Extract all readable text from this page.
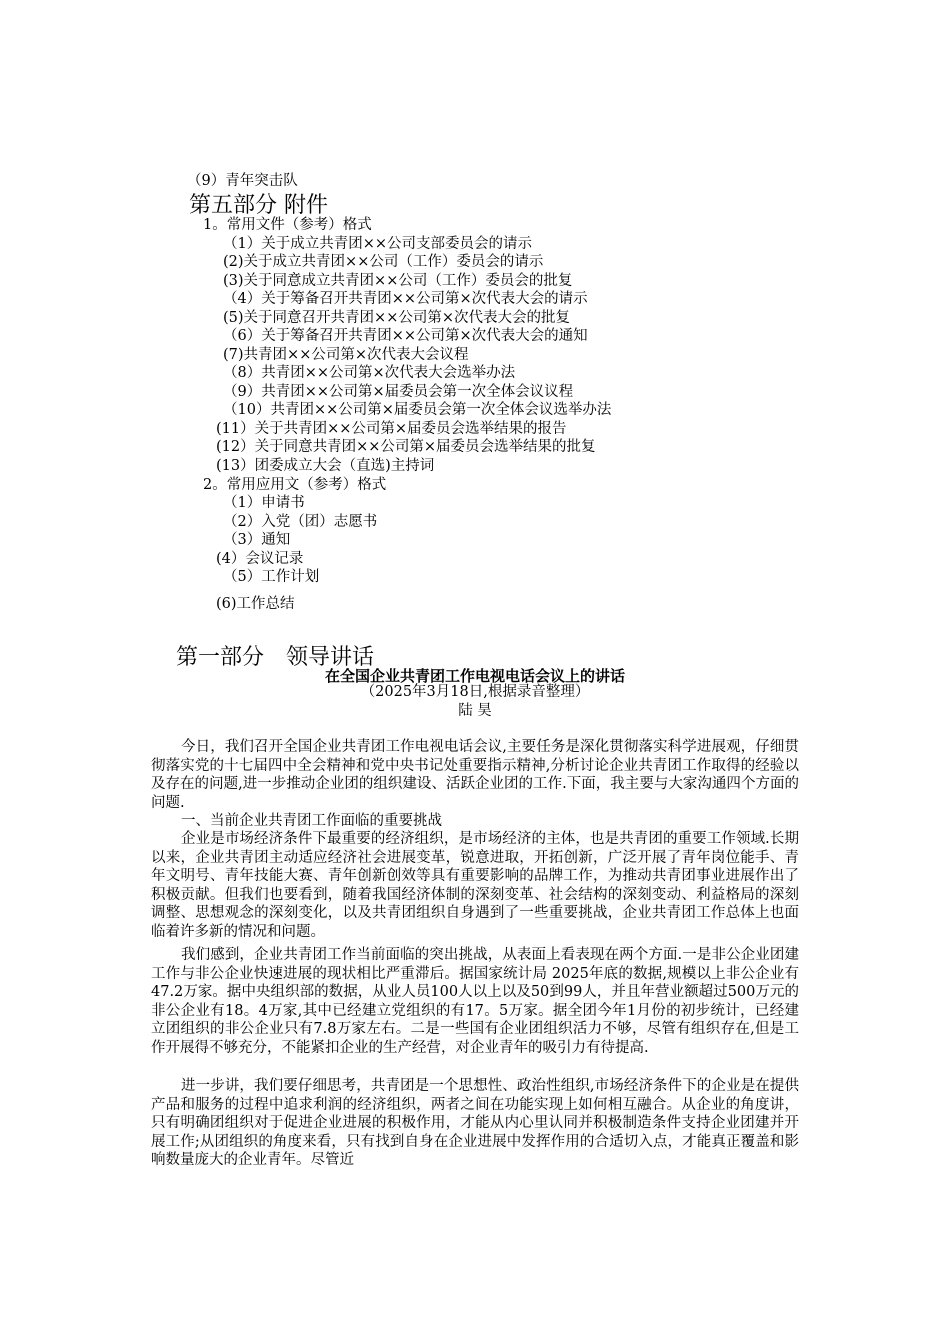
（9）青年突击队
第五部分 附件
1。常用文件（参考）格式
（1）关于成立共青团××公司支部委员会的请示
(2)关于成立共青团××公司（工作）委员会的请示
(3)关于同意成立共青团××公司（工作）委员会的批复
（4）关于筹备召开共青团××公司第×次代表大会的请示
(5)关于同意召开共青团××公司第×次代表大会的批复
（6）关于筹备召开共青团××公司第×次代表大会的通知
(7)共青团××公司第×次代表大会议程
（8）共青团××公司第×次代表大会选举办法
（9）共青团××公司第×届委员会第一次全体会议议程
（10）共青团××公司第×届委员会第一次全体会议选举办法
(11）关于共青团××公司第×届委员会选举结果的报告
(12）关于同意共青团××公司第×届委员会选举结果的批复
(13）团委成立大会（直选)主持词
2。常用应用文（参考）格式
（1）申请书
（2）入党（团）志愿书
（3）通知
(4）会议记录
（5）工作计划
(6)工作总结
第一部分　领导讲话
在全国企业共青团工作电视电话会议上的讲话
（2025年3月18日,根据录音整理）
陆 昊
今日，我们召开全国企业共青团工作电视电话会议,主要任务是深化贯彻落实科学进展观，仔细贯彻落实党的十七届四中全会精神和党中央书记处重要指示精神,分析讨论企业共青团工作取得的经验以及存在的问题,进一步推动企业团的组织建设、活跃企业团的工作.下面，我主要与大家沟通四个方面的问题.
一、当前企业共青团工作面临的重要挑战
企业是市场经济条件下最重要的经济组织，是市场经济的主体，也是共青团的重要工作领域.长期以来，企业共青团主动适应经济社会进展变革，锐意进取，开拓创新，广泛开展了青年岗位能手、青年文明号、青年技能大赛、青年创新创效等具有重要影响的品牌工作，为推动共青团事业进展作出了积极贡献。但我们也要看到，随着我国经济体制的深刻变革、社会结构的深刻变动、利益格局的深刻调整、思想观念的深刻变化，以及共青团组织自身遇到了一些重要挑战，企业共青团工作总体上也面临着许多新的情况和问题。
我们感到，企业共青团工作当前面临的突出挑战，从表面上看表现在两个方面.一是非公企业团建工作与非公企业快速进展的现状相比严重滞后。据国家统计局 2025年底的数据,规模以上非公企业有47.2万家。据中央组织部的数据，从业人员100人以上以及50到99人，并且年营业额超过500万元的非公企业有18。4万家,其中已经建立党组织的有17。5万家。据全团今年1月份的初步统计，已经建立团组织的非公企业只有7.8万家左右。二是一些国有企业团组织活力不够，尽管有组织存在,但是工作开展得不够充分，不能紧扣企业的生产经营，对企业青年的吸引力有待提高.
进一步讲，我们要仔细思考，共青团是一个思想性、政治性组织,市场经济条件下的企业是在提供产品和服务的过程中追求利润的经济组织，两者之间在功能实现上如何相互融合。从企业的角度讲，只有明确团组织对于促进企业进展的积极作用，才能从内心里认同并积极制造条件支持企业团建并开展工作;从团组织的角度来看，只有找到自身在企业进展中发挥作用的合适切入点，才能真正覆盖和影响数量庞大的企业青年。尽管近
